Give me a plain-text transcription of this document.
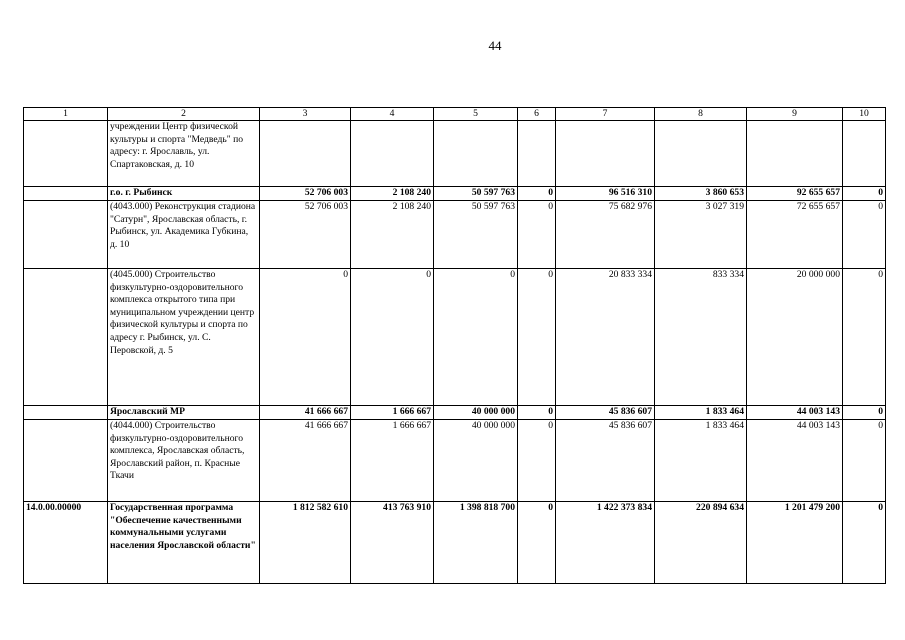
44
1	2	3	4	5	6	7	8	9	10
	учреждении Центр физической культуры и спорта "Медведь" по адресу: г. Ярославль, ул. Спартаковская, д. 10								
	г.о. г. Рыбинск	52 706 003	2 108 240	50 597 763	0	96 516 310	3 860 653	92 655 657	0
	(4043.000) Реконструкция стадиона "Сатурн", Ярославская область, г. Рыбинск, ул. Академика Губкина, д. 10	52 706 003	2 108 240	50 597 763	0	75 682 976	3 027 319	72 655 657	0
	(4045.000) Строительство физкультурно-оздоровительного комплекса открытого типа при муниципальном учреждении центр физической культуры и спорта по адресу г. Рыбинск, ул. С. Перовской, д. 5	0	0	0	0	20 833 334	833 334	20 000 000	0
	Ярославский МР	41 666 667	1 666 667	40 000 000	0	45 836 607	1 833 464	44 003 143	0
	(4044.000) Строительство физкультурно-оздоровительного комплекса, Ярославская область, Ярославский район, п. Красные Ткачи	41 666 667	1 666 667	40 000 000	0	45 836 607	1 833 464	44 003 143	0
14.0.00.00000	Государственная программа "Обеспечение качественными коммунальными услугами населения Ярославской области"	1 812 582 610	413 763 910	1 398 818 700	0	1 422 373 834	220 894 634	1 201 479 200	0
